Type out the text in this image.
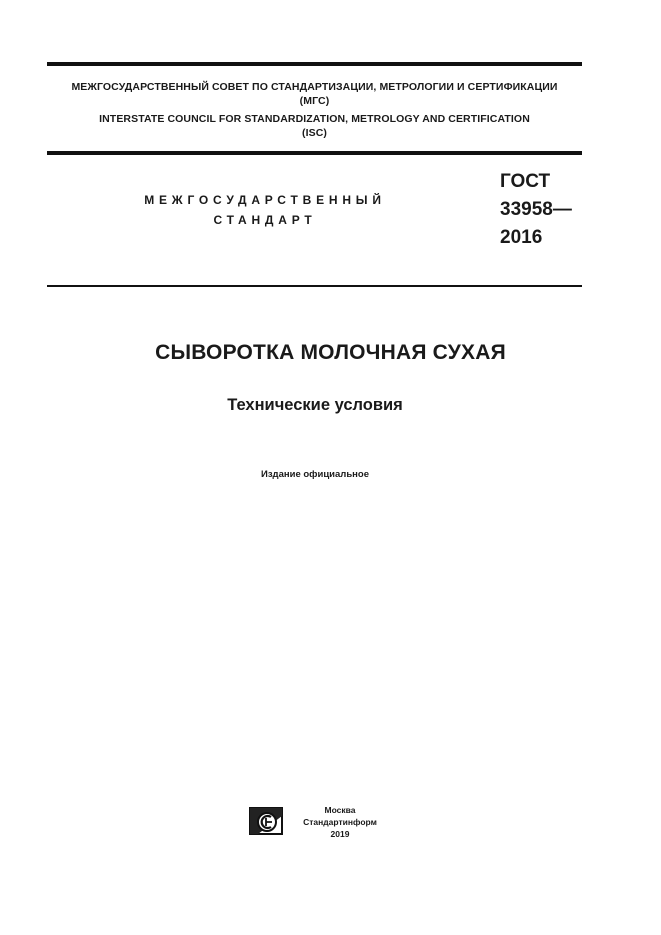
МЕЖГОСУДАРСТВЕННЫЙ СОВЕТ ПО СТАНДАРТИЗАЦИИ, МЕТРОЛОГИИ И СЕРТИФИКАЦИИ
(МГС)
INTERSTATE COUNCIL FOR STANDARDIZATION, METROLOGY AND CERTIFICATION
(ISC)
МЕЖГОСУДАРСТВЕННЫЙ
СТАНДАРТ
ГОСТ
33958—
2016
СЫВОРОТКА МОЛОЧНАЯ СУХАЯ
Технические условия
Издание официальное
Москва
Стандартинформ
2019
